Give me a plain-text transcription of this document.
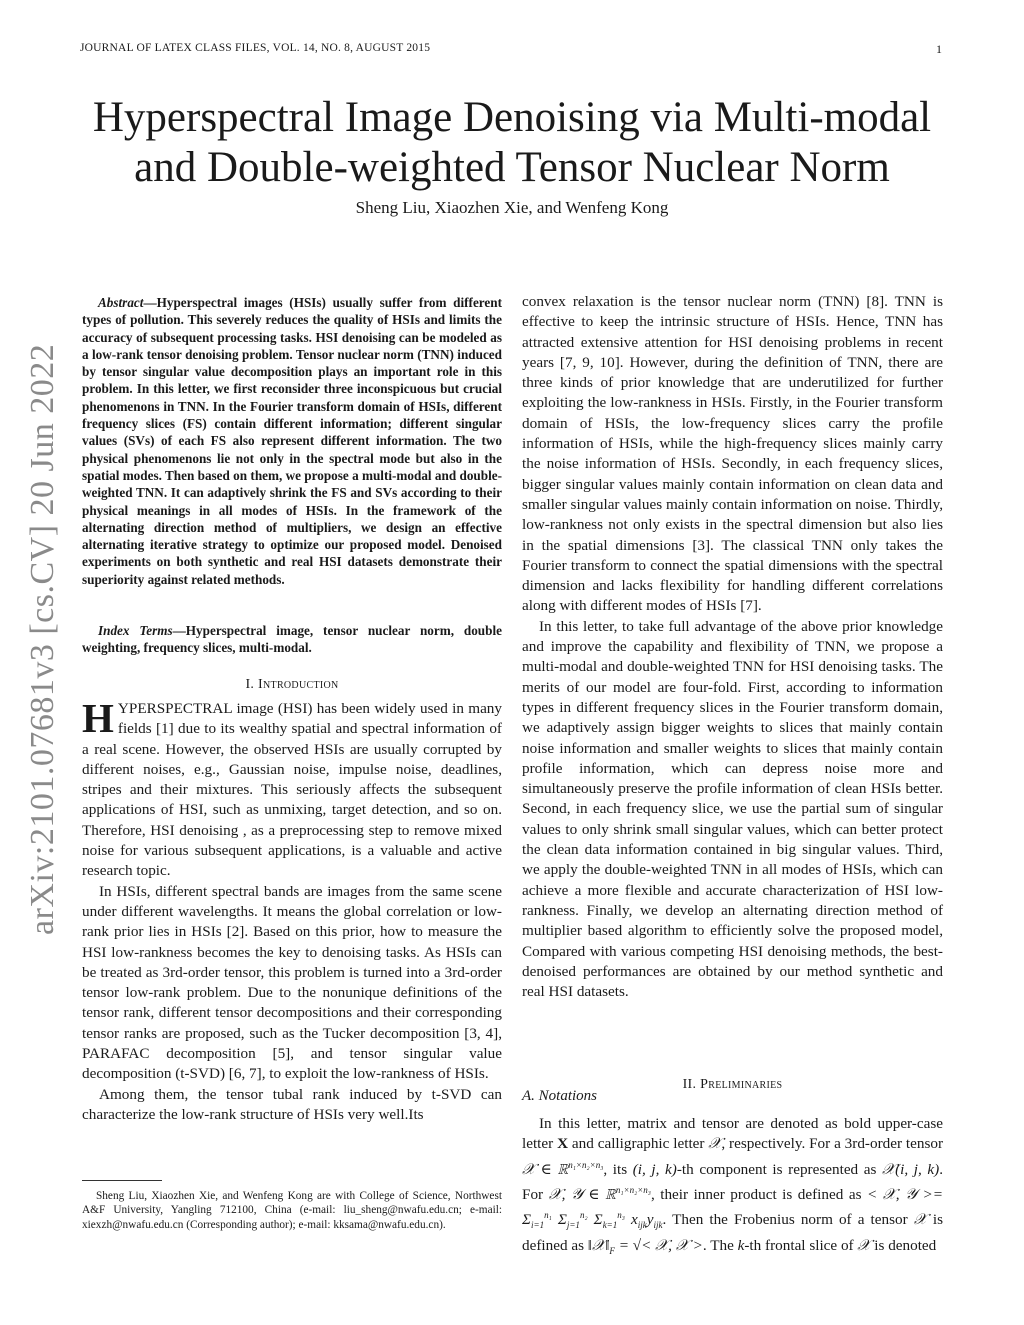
JOURNAL OF LATEX CLASS FILES, VOL. 14, NO. 8, AUGUST 2015	1
Hyperspectral Image Denoising via Multi-modal
and Double-weighted Tensor Nuclear Norm
Sheng Liu, Xiaozhen Xie, and Wenfeng Kong
arXiv:2101.07681v3 [cs.CV] 20 Jun 2022

Abstract—Hyperspectral images (HSIs) usually suffer from different types of pollution. This severely reduces the quality of HSIs and limits the accuracy of subsequent processing tasks. HSI denoising can be modeled as a low-rank tensor denoising problem. Tensor nuclear norm (TNN) induced by tensor singular value decomposition plays an important role in this problem. In this letter, we first reconsider three inconspicuous but crucial phenomenons in TNN. In the Fourier transform domain of HSIs, different frequency slices (FS) contain different information; different singular values (SVs) of each FS also represent different information. The two physical phenomenons lie not only in the spectral mode but also in the spatial modes. Then based on them, we propose a multi-modal and double-weighted TNN. It can adaptively shrink the FS and SVs according to their physical meanings in all modes of HSIs. In the framework of the alternating direction method of multipliers, we design an effective alternating iterative strategy to optimize our proposed model. Denoised experiments on both synthetic and real HSI datasets demonstrate their superiority against related methods.

Index Terms—Hyperspectral image, tensor nuclear norm, double weighting, frequency slices, multi-modal.

I. Introduction

HYPERSPECTRAL image (HSI) has been widely used in many fields [1] due to its wealthy spatial and spectral information of a real scene. However, the observed HSIs are usually corrupted by different noises, e.g., Gaussian noise, impulse noise, deadlines, stripes and their mixtures. This seriously affects the subsequent applications of HSI, such as unmixing, target detection, and so on. Therefore, HSI denoising , as a preprocessing step to remove mixed noise for various subsequent applications, is a valuable and active research topic.

In HSIs, different spectral bands are images from the same scene under different wavelengths. It means the global correlation or low-rank prior lies in HSIs [2]. Based on this prior, how to measure the HSI low-rankness becomes the key to denoising tasks. As HSIs can be treated as 3rd-order tensor, this problem is turned into a 3rd-order tensor low-rank problem. Due to the nonunique definitions of the tensor rank, different tensor decompositions and their corresponding tensor ranks are proposed, such as the Tucker decomposition [3, 4], PARAFAC decomposition [5], and tensor singular value decomposition (t-SVD) [6, 7], to exploit the low-rankness of HSIs.

Among them, the tensor tubal rank induced by t-SVD can characterize the low-rank structure of HSIs very well.Its

Sheng Liu, Xiaozhen Xie, and Wenfeng Kong are with College of Science, Northwest A&F University, Yangling 712100, China (e-mail: liu_sheng@nwafu.edu.cn; e-mail: xiexzh@nwafu.edu.cn (Corresponding author); e-mail: kksama@nwafu.edu.cn).

convex relaxation is the tensor nuclear norm (TNN) [8]. TNN is effective to keep the intrinsic structure of HSIs. Hence, TNN has attracted extensive attention for HSI denoising problems in recent years [7, 9, 10]. However, during the definition of TNN, there are three kinds of prior knowledge that are underutilized for further exploiting the low-rankness in HSIs. Firstly, in the Fourier transform domain of HSIs, the low-frequency slices carry the profile information of HSIs, while the high-frequency slices mainly carry the noise information of HSIs. Secondly, in each frequency slices, bigger singular values mainly contain information on clean data and smaller singular values mainly contain information on noise. Thirdly, low-rankness not only exists in the spectral dimension but also lies in the spatial dimensions [3]. The classical TNN only takes the Fourier transform to connect the spatial dimensions with the spectral dimension and lacks flexibility for handling different correlations along with different modes of HSIs [7].

In this letter, to take full advantage of the above prior knowledge and improve the capability and flexibility of TNN, we propose a multi-modal and double-weighted TNN for HSI denoising tasks. The merits of our model are four-fold. First, according to information types in different frequency slices in the Fourier transform domain, we adaptively assign bigger weights to slices that mainly contain noise information and smaller weights to slices that mainly contain profile information, which can depress noise more and simultaneously preserve the profile information of clean HSIs better. Second, in each frequency slice, we use the partial sum of singular values to only shrink small singular values, which can better protect the clean data information contained in big singular values. Third, we apply the double-weighted TNN in all modes of HSIs, which can achieve a more flexible and accurate characterization of HSI low-rankness. Finally, we develop an alternating direction method of multiplier based algorithm to efficiently solve the proposed model, Compared with various competing HSI denoising methods, the best-denoised performances are obtained by our method synthetic and real HSI datasets.

II. Preliminaries
A. Notations

In this letter, matrix and tensor are denoted as bold upper-case letter X and calligraphic letter 𝒳, respectively. For a 3rd-order tensor 𝒳 ∈ ℝ$^{n_1\times n_2\times n_3}$, its (i, j, k)-th component is represented as 𝒳(i, j, k). For 𝒳, 𝒴 ∈ ℝ$^{n_1\times n_2\times n_3}$, their inner product is defined as < 𝒳, 𝒴 >= $\Sigma_{i=1}^{n_1}$ $\Sigma_{j=1}^{n_2}$ $\Sigma_{k=1}^{n_3}$ $x_{ijk}y_{ijk}$. Then the Frobenius norm of a tensor 𝒳 is defined as $‖𝒳‖_F$ = √< 𝒳, 𝒳 >. The k-th frontal slice of 𝒳 is denoted
